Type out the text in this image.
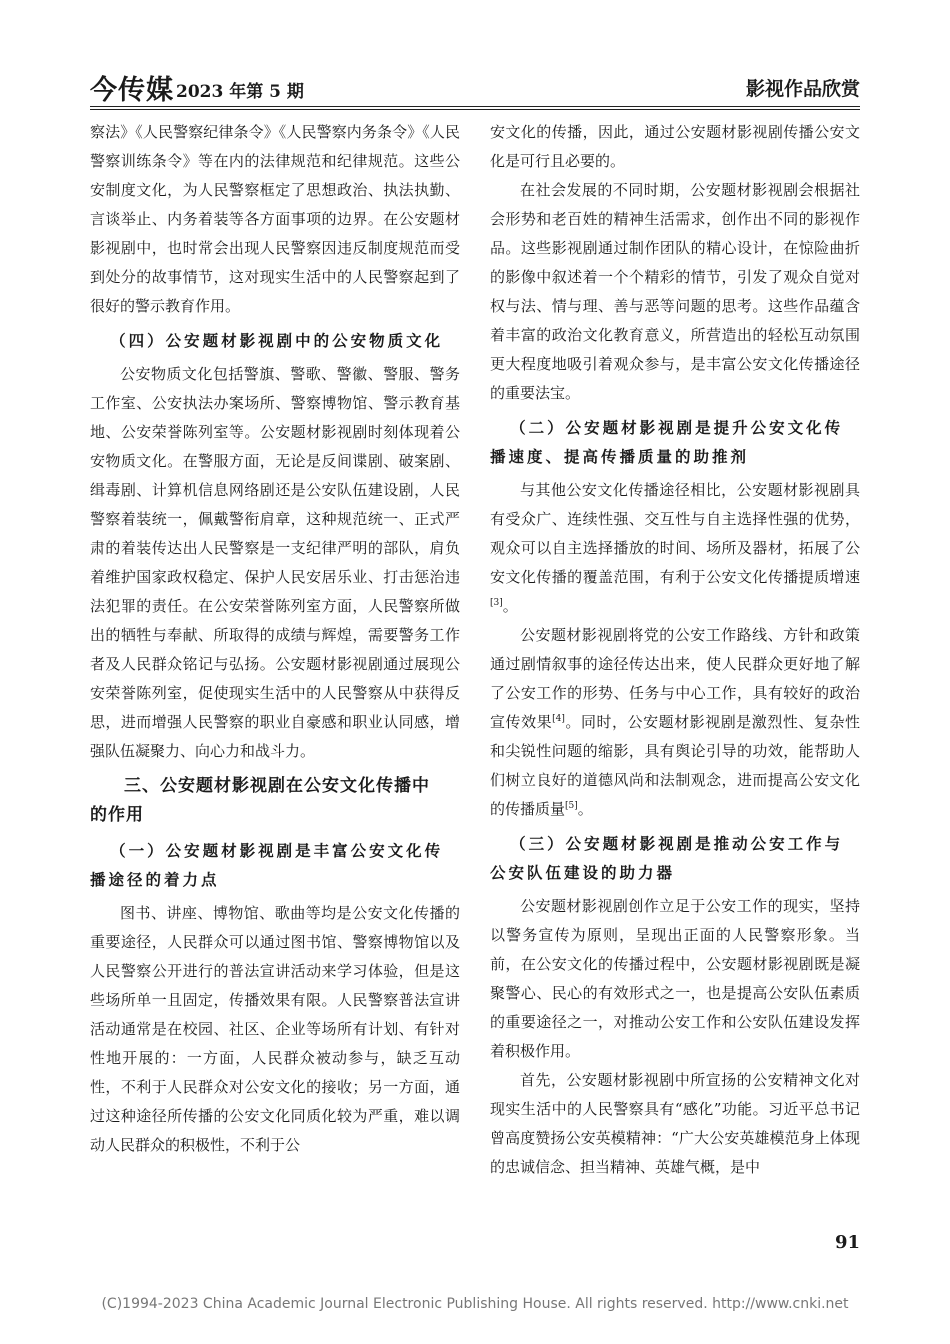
今传媒 2023 年第 5 期	影视作品欣赏

察法》《人民警察纪律条令》《人民警察内务条令》《人民警察训练条令》等在内的法律规范和纪律规范。这些公安制度文化，为人民警察框定了思想政治、执法执勤、言谈举止、内务着装等各方面事项的边界。在公安题材影视剧中，也时常会出现人民警察因违反制度规范而受到处分的故事情节，这对现实生活中的人民警察起到了很好的警示教育作用。

（四）公安题材影视剧中的公安物质文化

公安物质文化包括警旗、警歌、警徽、警服、警务工作室、公安执法办案场所、警察博物馆、警示教育基地、公安荣誉陈列室等。公安题材影视剧时刻体现着公安物质文化。在警服方面，无论是反间谍剧、破案剧、缉毒剧、计算机信息网络剧还是公安队伍建设剧，人民警察着装统一，佩戴警衔肩章，这种规范统一、正式严肃的着装传达出人民警察是一支纪律严明的部队，肩负着维护国家政权稳定、保护人民安居乐业、打击惩治违法犯罪的责任。在公安荣誉陈列室方面，人民警察所做出的牺牲与奉献、所取得的成绩与辉煌，需要警务工作者及人民群众铭记与弘扬。公安题材影视剧通过展现公安荣誉陈列室，促使现实生活中的人民警察从中获得反思，进而增强人民警察的职业自豪感和职业认同感，增强队伍凝聚力、向心力和战斗力。

三、公安题材影视剧在公安文化传播中
的作用
（一）公安题材影视剧是丰富公安文化传播途径的着力点

图书、讲座、博物馆、歌曲等均是公安文化传播的重要途径，人民群众可以通过图书馆、警察博物馆以及人民警察公开进行的普法宣讲活动来学习体验，但是这些场所单一且固定，传播效果有限。人民警察普法宣讲活动通常是在校园、社区、企业等场所有计划、有针对性地开展的：一方面，人民群众被动参与，缺乏互动性，不利于人民群众对公安文化的接收；另一方面，通过这种途径所传播的公安文化同质化较为严重，难以调动人民群众的积极性，不利于公

安文化的传播，因此，通过公安题材影视剧传播公安文化是可行且必要的。

在社会发展的不同时期，公安题材影视剧会根据社会形势和老百姓的精神生活需求，创作出不同的影视作品。这些影视剧通过制作团队的精心设计，在惊险曲折的影像中叙述着一个个精彩的情节，引发了观众自觉对权与法、情与理、善与恶等问题的思考。这些作品蕴含着丰富的政治文化教育意义，所营造出的轻松互动氛围更大程度地吸引着观众参与，是丰富公安文化传播途径的重要法宝。

（二）公安题材影视剧是提升公安文化传播速度、提高传播质量的助推剂

与其他公安文化传播途径相比，公安题材影视剧具有受众广、连续性强、交互性与自主选择性强的优势，观众可以自主选择播放的时间、场所及器材，拓展了公安文化传播的覆盖范围，有利于公安文化传播提质增速[3]。

公安题材影视剧将党的公安工作路线、方针和政策通过剧情叙事的途径传达出来，使人民群众更好地了解了公安工作的形势、任务与中心工作，具有较好的政治宣传效果[4]。同时，公安题材影视剧是激烈性、复杂性和尖锐性问题的缩影，具有舆论引导的功效，能帮助人们树立良好的道德风尚和法制观念，进而提高公安文化的传播质量[5]。

（三）公安题材影视剧是推动公安工作与公安队伍建设的助力器

公安题材影视剧创作立足于公安工作的现实，坚持以警务宣传为原则，呈现出正面的人民警察形象。当前，在公安文化的传播过程中，公安题材影视剧既是凝聚警心、民心的有效形式之一，也是提高公安队伍素质的重要途径之一，对推动公安工作和公安队伍建设发挥着积极作用。

首先，公安题材影视剧中所宣扬的公安精神文化对现实生活中的人民警察具有“感化”功能。习近平总书记曾高度赞扬公安英模精神：“广大公安英雄模范身上体现的忠诚信念、担当精神、英雄气概，是中

91
(C)1994-2023 China Academic Journal Electronic Publishing House. All rights reserved. http://www.cnki.net
